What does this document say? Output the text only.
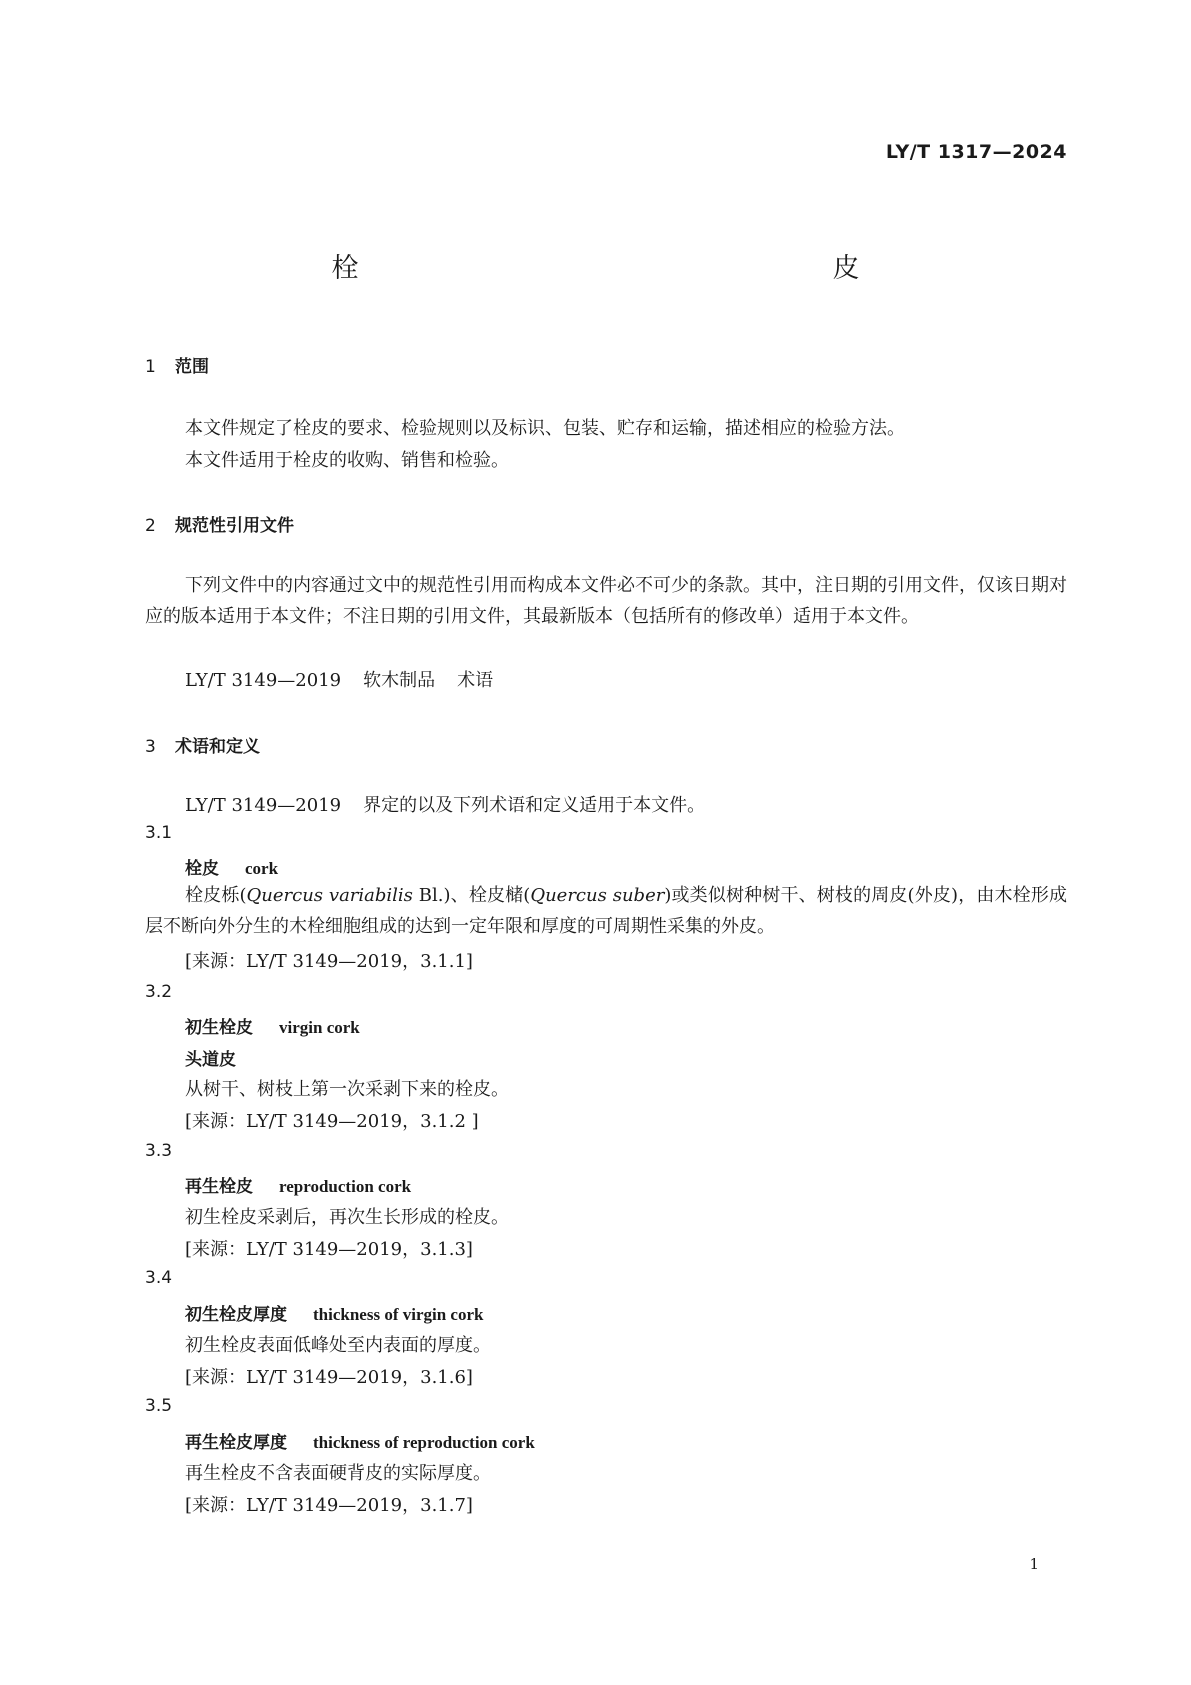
LY/T 1317—2024
栓　　皮
1 范围
本文件规定了栓皮的要求、检验规则以及标识、包装、贮存和运输，描述相应的检验方法。
本文件适用于栓皮的收购、销售和检验。
2 规范性引用文件
下列文件中的内容通过文中的规范性引用而构成本文件必不可少的条款。其中，注日期的引用文件，仅该日期对应的版本适用于本文件；不注日期的引用文件，其最新版本（包括所有的修改单）适用于本文件。
LY/T 3149—2019 软木制品 术语
3 术语和定义
LY/T 3149—2019 界定的以及下列术语和定义适用于本文件。
3.1
栓皮 cork
栓皮栎(Quercus variabilis Bl.)、栓皮槠(Quercus suber)或类似树种树干、树枝的周皮(外皮)，由木栓形成层不断向外分生的木栓细胞组成的达到一定年限和厚度的可周期性采集的外皮。
[来源：LY/T 3149—2019，3.1.1]
3.2
初生栓皮 virgin cork
头道皮
从树干、树枝上第一次采剥下来的栓皮。
[来源：LY/T 3149—2019，3.1.2 ]
3.3
再生栓皮 reproduction cork
初生栓皮采剥后，再次生长形成的栓皮。
[来源：LY/T 3149—2019，3.1.3]
3.4
初生栓皮厚度 thickness of virgin cork
初生栓皮表面低峰处至内表面的厚度。
[来源：LY/T 3149—2019，3.1.6]
3.5
再生栓皮厚度 thickness of reproduction cork
再生栓皮不含表面硬背皮的实际厚度。
[来源：LY/T 3149—2019，3.1.7]
1
